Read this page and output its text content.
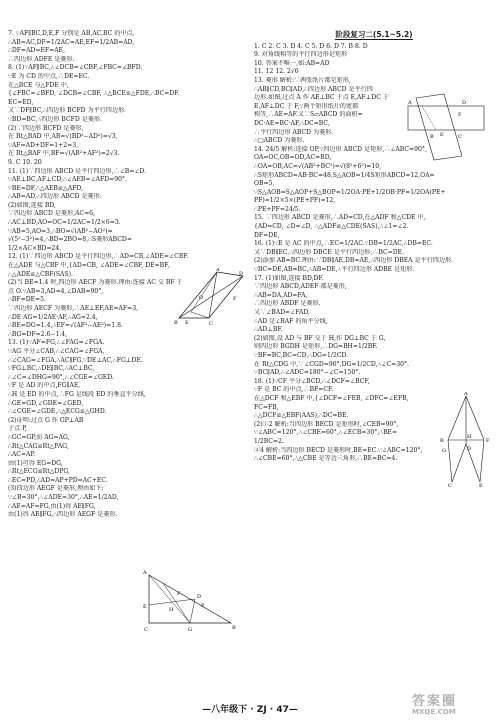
7. ∵AF∥BC,D,E,F 分别是 AB,AC,BC 的中点,
∴AB=AC,DF=1/2AC=AE,EF=1/2AB=AD,
∴DF=AD=EF=AE,
∴四边形 ADFE 是菱形.
8. (1)∵AF∥BC,∴∠DCB=∠CBF,∠FBC=∠BFD.
∵E 为 CD 的中点,∴DE=EC.
在△BCE 与△FDE 中,
{∠FBC=∠BFD, ∠DCB=∠CBF, ∴△BCE≌△FDE,∴BC=DF.
EC=ED,
又∵DF∥BC,∴四边形 BCFD 为平行四边形.
∵BD=BC,∴四边形 BCFD 是菱形.
(2)∵四边形 BCFD 是菱形,
在 Rt△BAD 中,AB=√(BD²−AD²)=√3,
∵AF=AD+DF=1+2=3,
在 Rt△BAF 中,BF=√(AB²+AF²)=2√3.
9. C 10. 20
11. (1)∵四边形 ABCD 是平行四边形,∴∠B=∠D.
∵AE⊥BC,AF⊥CD,∴∠AEB=∠AFD=90°.
∵BE=DF,∴△AEB≌△AFD,
∴AB=AD,∴四边形 ABCD 是菱形.
(2)如图,连接 BD,
∵四边形 ABCD 是菱形,AC=6,
∴AC⊥BD,AO=OC=1/2AC=1/2×6=3.
∵AB=5,AO=3,∴BO=√(AB²−AO²)=
√(5²−3²)=4,∴BD=2BO=8,∴S菱形ABCD=
1/2×AC×BD=24.
12. (1)∵四边形 ABCD 是平行四边形,∴AD=CB,∠ADE=∠CBF.
在△ADE 与△CBF 中,{AD=CB, ∠ADE=∠CBF, DE=BF,
∴△ADE≌△CBF(SAS).
(2)当 BE=1.4 时,四边形 AECF 为菱形.理由:连接 AC 交 BF 于
点 O.∵AB=3,AD=4,∠DAB=90°,
∴BF=DE=5.
∵四边形 AECF 为菱形,∴AE⊥EF,AE=AF=3,
∴DE·AG=1/2AE·AF,∴AG=2.4,
∴BE=DG=1.4,∴EF=√(AF²−AE²)=1.8.
∴BG=DF=2.6−1.4,
13. (1)∵AF=FG,∴∠FAG=∠FGA.
∵AG 平分∠CAB,∴∠CAG=∠FGA,
∴∠CAG=∠FGA,∴AC∥FG.∵DE⊥AC,∴FG⊥DE.
∵FG⊥BC,∴DE∥BC,∴AC⊥BC,
∴∠C=∠DHG=90°,∴∠CGE=∠GED.
∵F 是 AD 的中点,FG∥AE,
∴H 是 ED 的中点,∴FG 是线段 ED 的垂直平分线,
∴GE=GD,∠GDE=∠GED,
∴∠CGE=∠GDE,∴△ECG≌△GHD.
(2)证明:过点 G 作 GP⊥AB
于点 P,
∴GC=GP,而 AG=AG,
∴Rt△CAG≌Rt△PAG,
∴AC=AP.
由(1)可得 EG=DG,
∴Rt△ECG≌Rt△DPG,
∴EC=PD,∴AD=AP+PD=AC+EC.
(3)四边形 AEGF 是菱形,理由如下:
∵∠B=30°,∴∠ADE=30°,∴AE=1/2AD,
∴AE=AF=FG,由(1)得 AE∥FG,
由(1)得 AE∥FG,∴四边形 AEGF 是菱形.
阶段复习二(5.1~5.2)
1. C 2. C 3. D 4. C 5. D 6. D 7. B 8. D
9. 对角线相等的平行四边形是矩形
10. 答案不唯一,如:AB=AD
11. 12 12. 2√6
13. 菱形 解析:∵两张纸片都是矩形,
∴AB∥CD,BC∥AD,∴四边形 ABCD 是平行四
边形.如图,过点 A 作 AE⊥BC 于点 E,AF⊥DC 于
E,AF⊥DC 于 F,∵两个矩形纸片的宽都
相等,∴AE=AF.又∵S▱ABCD 的面积=
DC·AE=BC·AF,∴DC=BC,
∴平行四边形 ABCD 为菱形.
∴□ABCD 为菱形.
14. 24/5 解析:连接 OP,∵四边形 ABCD 是矩形,∴∠ABC=90°,
OA=OC,OB=OD,AC=BD,
∴OA=OB,AC=√(AB²+BC²)=√(8²+6²)=10,
∴S矩形ABCD=AB·BC=48,S△AOB=1/4S矩形ABCD=12,OA=
OB=5,
∵S△AOB=S△AOP+S△BOP=1/2OA·PE+1/2OB·PF=1/2OA(PE+
PF)=1/2×5×(PE+PF)=12,
∴PE+PF=24/5.
15. ∵四边形 ABCD 是菱形,∴AD=CD,在△ADF 和△CDE 中,
{AD=CD, ∠D=∠D, ∴△ADF≌△CDE(SAS),∴∠1=∠2.
DF=DE,
16. (1)∵E 是 AC 的中点,∴EC=1/2AC.∵DB=1/2AC,∴DB=EC.
又∵DB∥EC,∴四边形 DBCE 是平行四边形,∴BC=DE.
(2)添加 AB=BC.理由:∵DB∥AE,DB=AE,∴四边形 DBEA 是平行四边形.
∵BC=DE,AB=BC,∴AB=DE,∴平行四边形 ADBE 是矩形.
17. (1)如图,连接 BD,DF.
∵四边形 ABCD,ADEF 都是菱形,
∴AB=DA,AD=FA,
∴四边形 ABDF 是菱形.
又∵∠BAD=∠FAD,
∴AD 是∠BAF 的角平分线,
∴AD⊥BF.
(2)如图,设 AD 与 BF 交于 H,作 DG⊥BC 于 G,
则四边形 BGDH 是矩形,∴DG=BH=1/2BF.
∵BF=BC,BC=CD,∴DG=1/2CD.
在 Rt△CDG 中,∵∠CGD=90°,DG=1/2CD,∴∠C=30°.
∵BC∥AD,∴∠ADC=180°−∠C=150°.
18. (1)∵CF 平分∠BCD,∴∠DCF=∠BCF,
∵F 是 BC 的中点,∴BF=CF.
在△DCF 和△EBF 中,{∠DCF=∠FEB, ∠DFC=∠EFB,
FC=FB,
∴△DCF≌△EBF(AAS),∴DC=BE.
(2)①2 解析:当四边形 BECD 是矩形时,∠CEB=90°,
∵∠ABC=120°,∴∠CBE=60°,∴∠ECB=30°,∴BE=
1/2BC=2.
②4 解析:当四边形 BECD 是菱形时,BE=EC.∵∠ABC=120°,
∴∠CBE=60°,∴△CBE 是等边三角形,∴BE=BC=4.
A
B	C
D
E
F
O
A
B
C
D
E
F
G
H
P
A
B	C
D
E
F
A
B
C
D
E
F
G
H
—八年级下 · ZJ · 47—
答案圈
MXQE.COM
